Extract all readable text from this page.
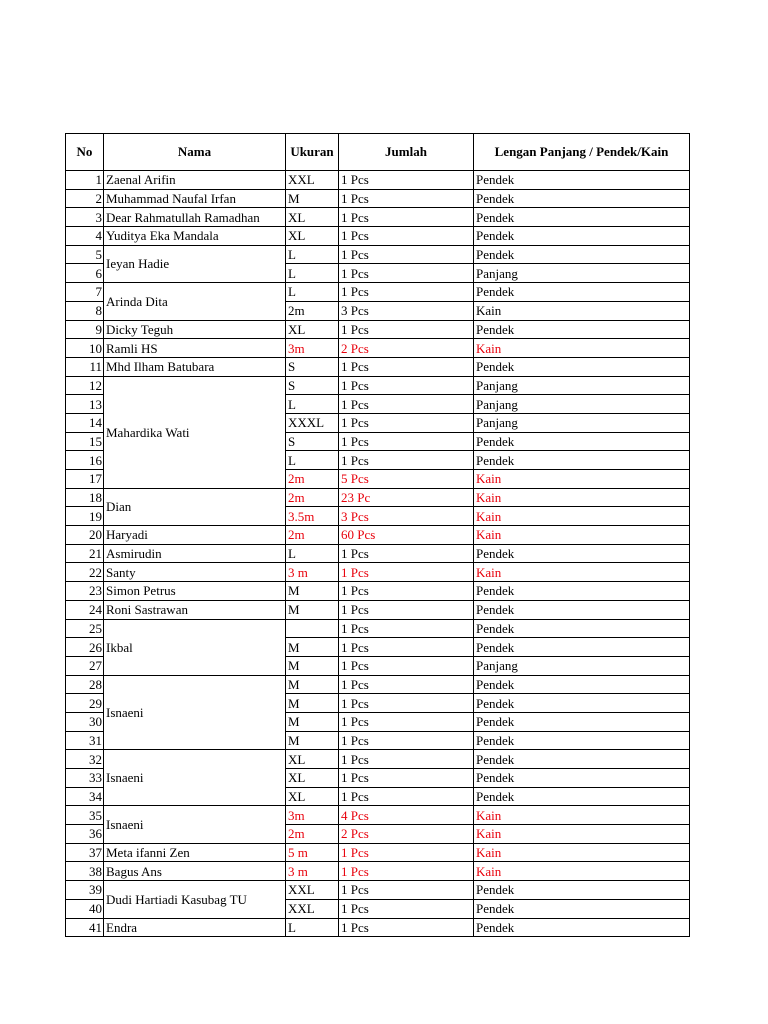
No	Nama	Ukuran	Jumlah	Lengan Panjang / Pendek/Kain
1	Zaenal Arifin	XXL	1 Pcs	Pendek
2	Muhammad Naufal Irfan	M	1 Pcs	Pendek
3	Dear Rahmatullah Ramadhan	XL	1 Pcs	Pendek
4	Yuditya Eka Mandala	XL	1 Pcs	Pendek
5	Ieyan Hadie	L	1 Pcs	Pendek
6		L	1 Pcs	Panjang
7	Arinda Dita	L	1 Pcs	Pendek
8		2m	3 Pcs	Kain
9	Dicky Teguh	XL	1 Pcs	Pendek
10	Ramli HS	3m	2 Pcs	Kain
11	Mhd Ilham Batubara	S	1 Pcs	Pendek
12	Mahardika Wati	S	1 Pcs	Panjang
13		L	1 Pcs	Panjang
14		XXXL	1 Pcs	Panjang
15		S	1 Pcs	Pendek
16		L	1 Pcs	Pendek
17		2m	5 Pcs	Kain
18	Dian	2m	23 Pc	Kain
19		3.5m	3 Pcs	Kain
20	Haryadi	2m	60 Pcs	Kain
21	Asmirudin	L	1 Pcs	Pendek
22	Santy	3 m	1 Pcs	Kain
23	Simon Petrus	M	1 Pcs	Pendek
24	Roni Sastrawan	M	1 Pcs	Pendek
25	Ikbal		1 Pcs	Pendek
26		M	1 Pcs	Pendek
27		M	1 Pcs	Panjang
28	Isnaeni	M	1 Pcs	Pendek
29		M	1 Pcs	Pendek
30		M	1 Pcs	Pendek
31		M	1 Pcs	Pendek
32	Isnaeni	XL	1 Pcs	Pendek
33		XL	1 Pcs	Pendek
34		XL	1 Pcs	Pendek
35	Isnaeni	3m	4 Pcs	Kain
36		2m	2 Pcs	Kain
37	Meta ifanni Zen	5 m	1 Pcs	Kain
38	Bagus Ans	3 m	1 Pcs	Kain
39	Dudi Hartiadi Kasubag TU	XXL	1 Pcs	Pendek
40		XXL	1 Pcs	Pendek
41	Endra	L	1 Pcs	Pendek
